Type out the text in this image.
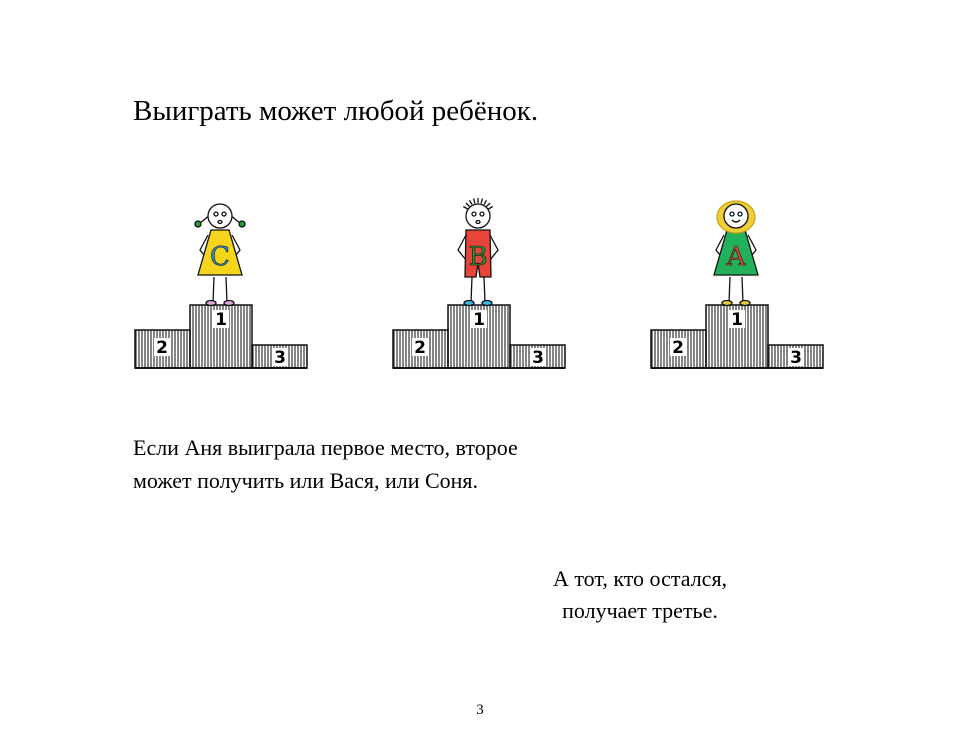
Выиграть может любой ребёнок.
2
1
3
C
2
1
3
B
2
1
3
A
Если Аня выиграла первое место, второе
может получить или Вася, или Соня.
А тот, кто остался,
получает третье.
3
